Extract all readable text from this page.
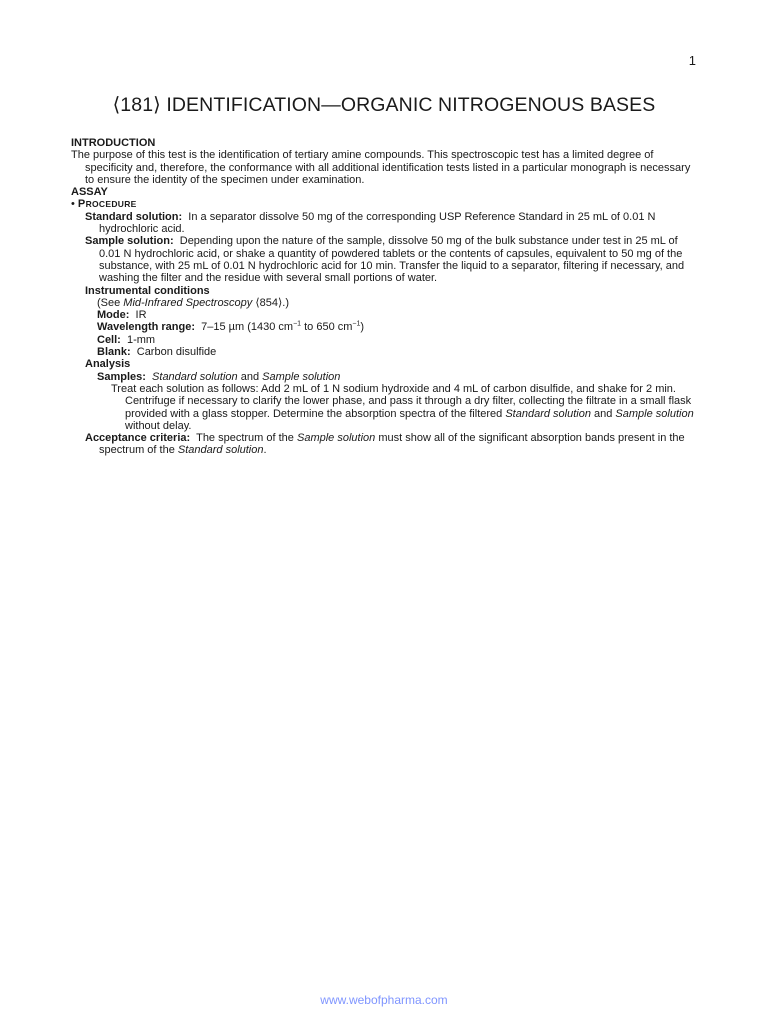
1
⟨181⟩ IDENTIFICATION—ORGANIC NITROGENOUS BASES

INTRODUCTION

The purpose of this test is the identification of tertiary amine compounds. This spectroscopic test has a limited degree of specificity and, therefore, the conformance with all additional identification tests listed in a particular monograph is necessary to ensure the identity of the specimen under examination.

ASSAY

• PROCEDURE

Standard solution: In a separator dissolve 50 mg of the corresponding USP Reference Standard in 25 mL of 0.01 N hydrochloric acid.

Sample solution: Depending upon the nature of the sample, dissolve 50 mg of the bulk substance under test in 25 mL of 0.01 N hydrochloric acid, or shake a quantity of powdered tablets or the contents of capsules, equivalent to 50 mg of the substance, with 25 mL of 0.01 N hydrochloric acid for 10 min. Transfer the liquid to a separator, filtering if necessary, and washing the filter and the residue with several small portions of water.

Instrumental conditions

(See Mid-Infrared Spectroscopy ⟨854⟩.)

Mode: IR

Wavelength range: 7–15 µm (1430 $cm^{-1}$ to 650 $cm^{-1}$)

Cell: 1-mm

Blank: Carbon disulfide

Analysis

Samples: Standard solution and Sample solution

Treat each solution as follows: Add 2 mL of 1 N sodium hydroxide and 4 mL of carbon disulfide, and shake for 2 min. Centrifuge if necessary to clarify the lower phase, and pass it through a dry filter, collecting the filtrate in a small flask provided with a glass stopper. Determine the absorption spectra of the filtered Standard solution and Sample solution without delay.

Acceptance criteria: The spectrum of the Sample solution must show all of the significant absorption bands present in the spectrum of the Standard solution.

www.webofpharma.com
